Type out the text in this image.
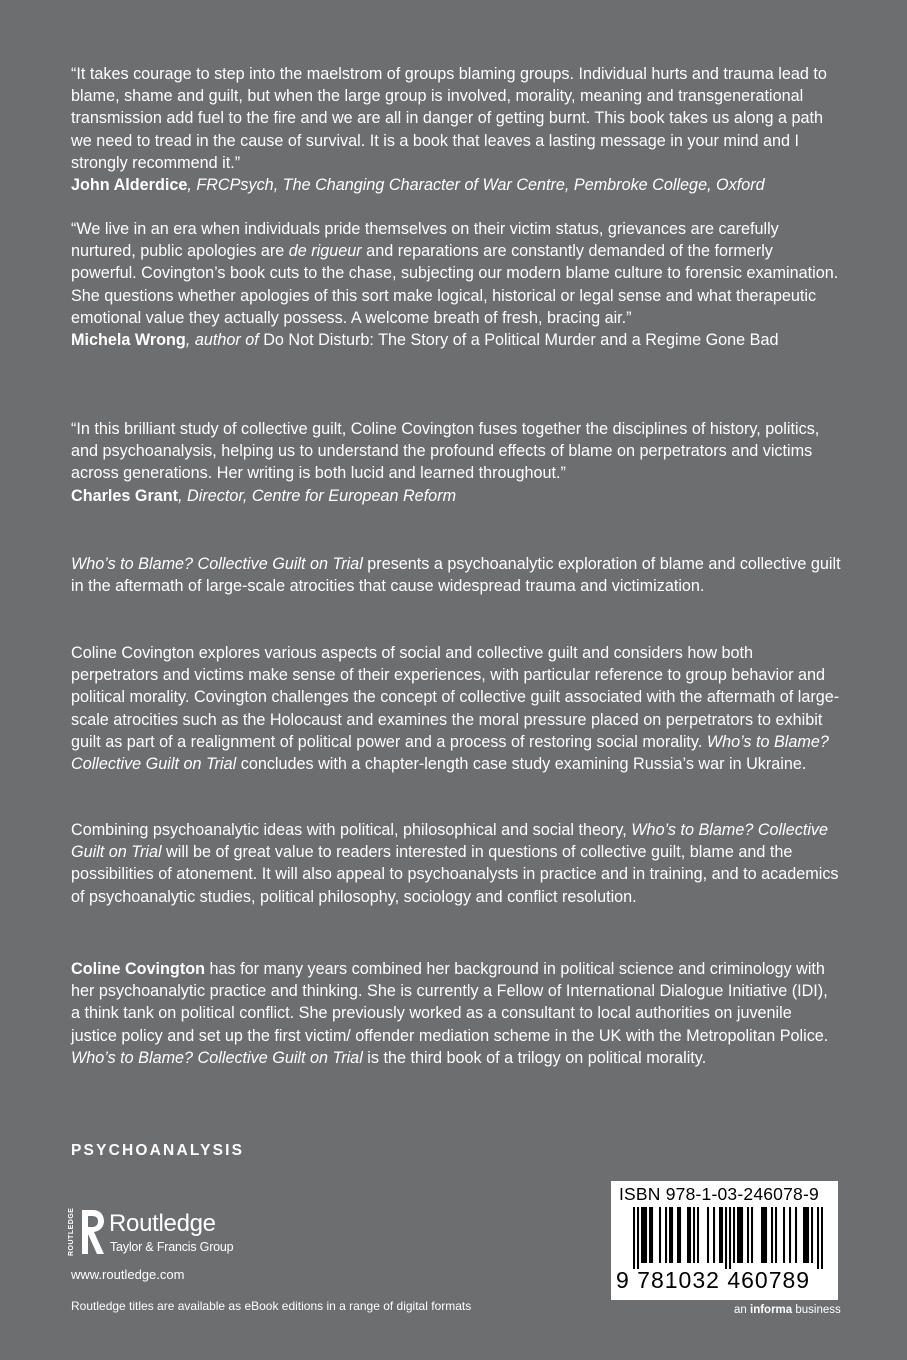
“It takes courage to step into the maelstrom of groups blaming groups. Individual hurts and trauma lead to blame, shame and guilt, but when the large group is involved, morality, meaning and transgenerational transmission add fuel to the fire and we are all in danger of getting burnt. This book takes us along a path we need to tread in the cause of survival. It is a book that leaves a lasting message in your mind and I strongly recommend it.”

John Alderdice, FRCPsych, The Changing Character of War Centre, Pembroke College, Oxford

“We live in an era when individuals pride themselves on their victim status, grievances are carefully nurtured, public apologies are de rigueur and reparations are constantly demanded of the formerly powerful. Covington’s book cuts to the chase, subjecting our modern blame culture to forensic examination. She questions whether apologies of this sort make logical, historical or legal sense and what therapeutic emotional value they actually possess. A welcome breath of fresh, bracing air.”

Michela Wrong, author of Do Not Disturb: The Story of a Political Murder and a Regime Gone Bad

“In this brilliant study of collective guilt, Coline Covington fuses together the disciplines of history, politics, and psychoanalysis, helping us to understand the profound effects of blame on perpetrators and victims across generations. Her writing is both lucid and learned throughout.”

Charles Grant, Director, Centre for European Reform

Who’s to Blame? Collective Guilt on Trial presents a psychoanalytic exploration of blame and collective guilt in the aftermath of large-scale atrocities that cause widespread trauma and victimization.

Coline Covington explores various aspects of social and collective guilt and considers how both perpetrators and victims make sense of their experiences, with particular reference to group behavior and political morality. Covington challenges the concept of collective guilt associated with the aftermath of large-scale atrocities such as the Holocaust and examines the moral pressure placed on perpetrators to exhibit guilt as part of a realignment of political power and a process of restoring social morality. Who’s to Blame? Collective Guilt on Trial concludes with a chapter-length case study examining Russia’s war in Ukraine.

Combining psychoanalytic ideas with political, philosophical and social theory, Who’s to Blame? Collective Guilt on Trial will be of great value to readers interested in questions of collective guilt, blame and the possibilities of atonement. It will also appeal to psychoanalysts in practice and in training, and to academics of psychoanalytic studies, political philosophy, sociology and conflict resolution.

Coline Covington has for many years combined her background in political science and criminology with her psychoanalytic practice and thinking. She is currently a Fellow of International Dialogue Initiative (IDI), a think tank on political conflict. She previously worked as a consultant to local authorities on juvenile justice policy and set up the first victim/ offender mediation scheme in the UK with the Metropolitan Police. Who’s to Blame? Collective Guilt on Trial is the third book of a trilogy on political morality.

PSYCHOANALYSIS
ROUTLEDGE Routledge
Taylor & Francis Group
www.routledge.com
Routledge titles are available as eBook editions in a range of digital formats
ISBN 978-1-03-246078-9
9 781032 460789
an informa business
